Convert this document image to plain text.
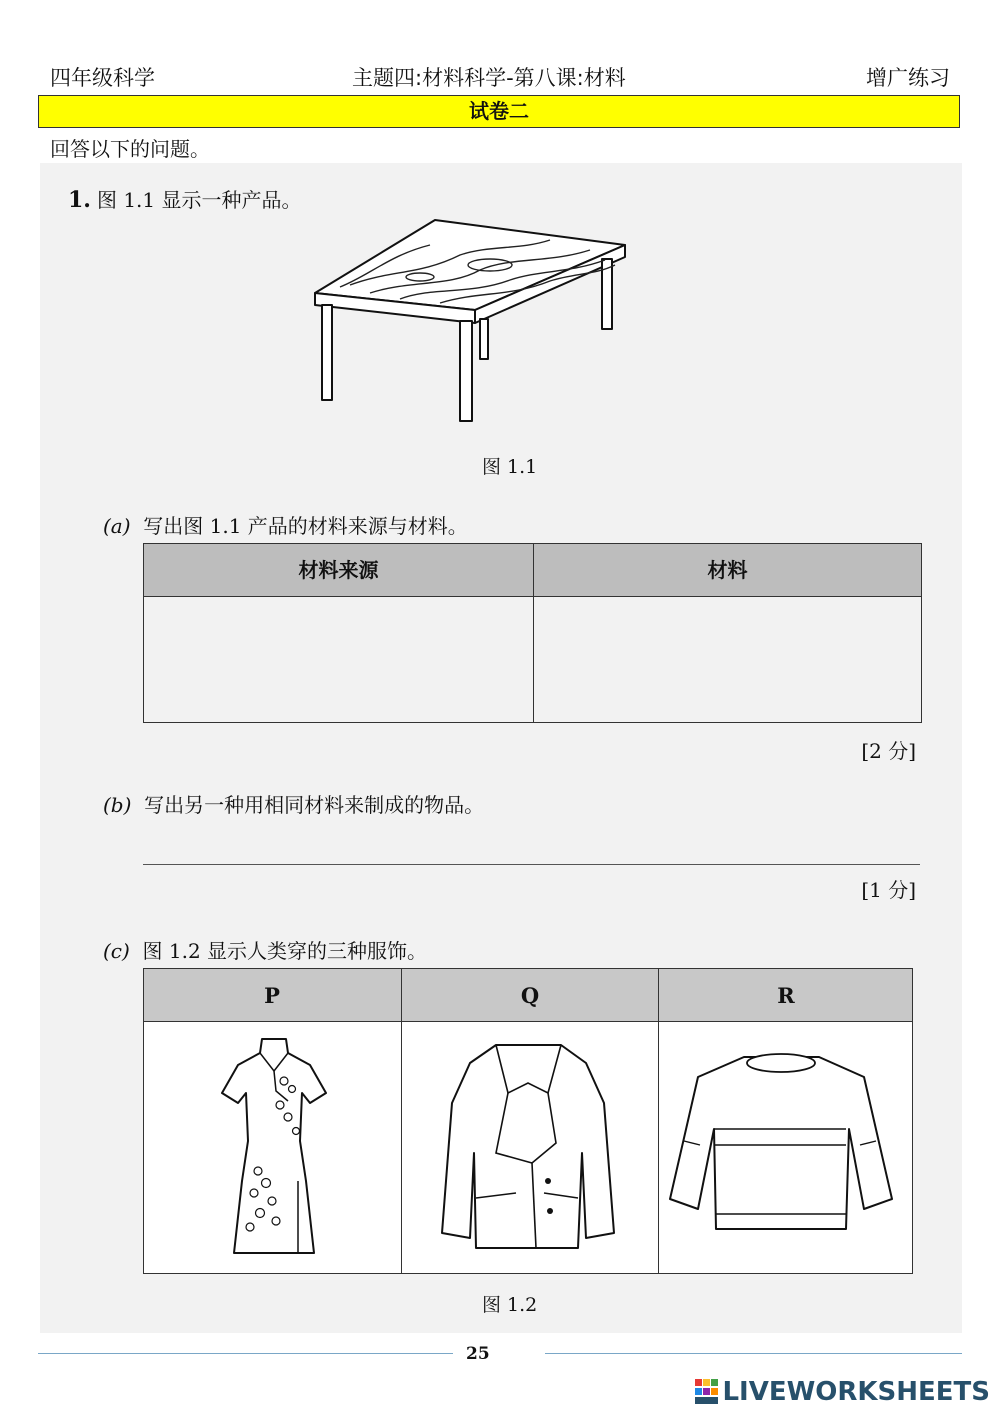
四年级科学	主题四:材料科学-第八课:材料	增广练习
试卷二
回答以下的问题。
1. 图 1.1 显示一种产品。
图 1.1
(a) 写出图 1.1 产品的材料来源与材料。
材料来源	材料
[2 分]
(b) 写出另一种用相同材料来制成的物品。
[1 分]
(c) 图 1.2 显示人类穿的三种服饰。
P	Q	R
图 1.2
25
LIVEWORKSHEETS
